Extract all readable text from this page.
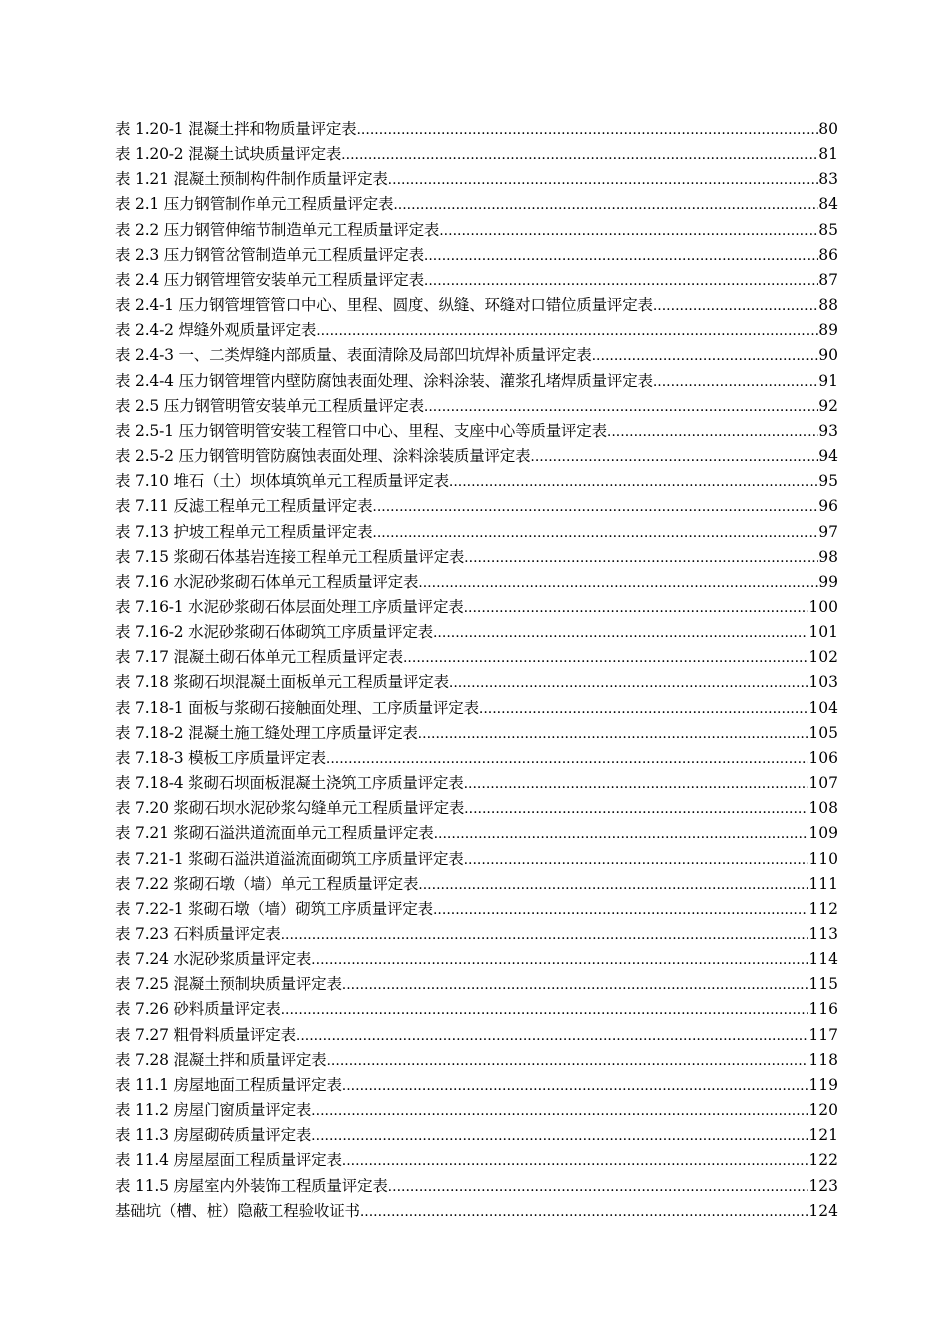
表 1.20-1 混凝土拌和物质量评定表 .....	80
表 1.20-2 混凝土试块质量评定表 .....	81
表 1.21 混凝土预制构件制作质量评定表 .....	83
表 2.1 压力钢管制作单元工程质量评定表 .....	84
表 2.2 压力钢管伸缩节制造单元工程质量评定表 .....	85
表 2.3 压力钢管岔管制造单元工程质量评定表 .....	86
表 2.4 压力钢管埋管安装单元工程质量评定表 .....	87
表 2.4-1 压力钢管埋管管口中心、里程、圆度、纵缝、环缝对口错位质量评定表 .....	88
表 2.4-2 焊缝外观质量评定表 .....	89
表 2.4-3 一、二类焊缝内部质量、表面清除及局部凹坑焊补质量评定表 .....	90
表 2.4-4 压力钢管埋管内壁防腐蚀表面处理、涂料涂装、灌浆孔堵焊质量评定表 .....	91
表 2.5 压力钢管明管安装单元工程质量评定表 .....	92
表 2.5-1 压力钢管明管安装工程管口中心、里程、支座中心等质量评定表 .....	93
表 2.5-2 压力钢管明管防腐蚀表面处理、涂料涂装质量评定表 .....	94
表 7.10 堆石（土）坝体填筑单元工程质量评定表 .....	95
表 7.11 反滤工程单元工程质量评定表 .....	96
表 7.13 护坡工程单元工程质量评定表 .....	97
表 7.15 浆砌石体基岩连接工程单元工程质量评定表 .....	98
表 7.16 水泥砂浆砌石体单元工程质量评定表 .....	99
表 7.16-1 水泥砂浆砌石体层面处理工序质量评定表 .....	100
表 7.16-2 水泥砂浆砌石体砌筑工序质量评定表 .....	101
表 7.17 混凝土砌石体单元工程质量评定表 .....	102
表 7.18 浆砌石坝混凝土面板单元工程质量评定表 .....	103
表 7.18-1 面板与浆砌石接触面处理、工序质量评定表 .....	104
表 7.18-2 混凝土施工缝处理工序质量评定表 .....	105
表 7.18-3 模板工序质量评定表 .....	106
表 7.18-4 浆砌石坝面板混凝土浇筑工序质量评定表 .....	107
表 7.20 浆砌石坝水泥砂浆勾缝单元工程质量评定表 .....	108
表 7.21 浆砌石溢洪道流面单元工程质量评定表 .....	109
表 7.21-1 浆砌石溢洪道溢流面砌筑工序质量评定表 .....	110
表 7.22 浆砌石墩（墙）单元工程质量评定表 .....	111
表 7.22-1 浆砌石墩（墙）砌筑工序质量评定表 .....	112
表 7.23 石料质量评定表 .....	113
表 7.24 水泥砂浆质量评定表 .....	114
表 7.25 混凝土预制块质量评定表 .....	115
表 7.26 砂料质量评定表 .....	116
表 7.27 粗骨料质量评定表 .....	117
表 7.28 混凝土拌和质量评定表 .....	118
表 11.1 房屋地面工程质量评定表 .....	119
表 11.2 房屋门窗质量评定表 .....	120
表 11.3 房屋砌砖质量评定表 .....	121
表 11.4 房屋屋面工程质量评定表 .....	122
表 11.5 房屋室内外装饰工程质量评定表 .....	123
基础坑（槽、桩）隐蔽工程验收证书 .....	124
